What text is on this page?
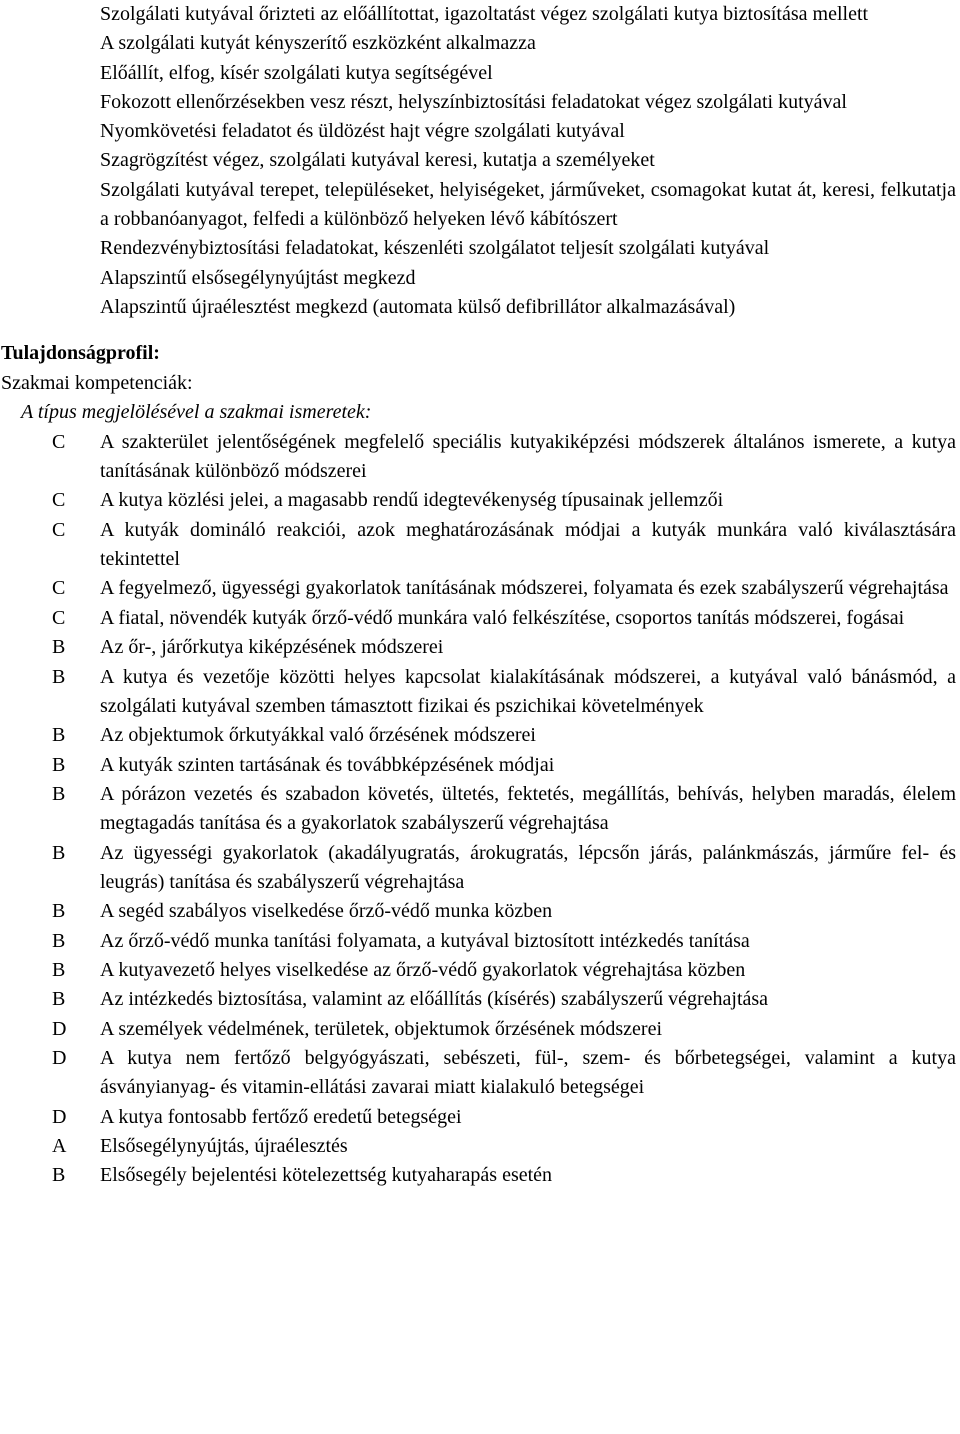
Szolgálati kutyával őrizteti az előállítottat, igazoltatást végez szolgálati kutya biztosítása mellett

A szolgálati kutyát kényszerítő eszközként alkalmazza

Előállít, elfog, kísér szolgálati kutya segítségével

Fokozott ellenőrzésekben vesz részt, helyszínbiztosítási feladatokat végez szolgálati kutyával

Nyomkövetési feladatot és üldözést hajt végre szolgálati kutyával

Szagrögzítést végez, szolgálati kutyával keresi, kutatja a személyeket

Szolgálati kutyával terepet, településeket, helyiségeket, járműveket, csomagokat kutat át, keresi, felkutatja a robbanóanyagot, felfedi a különböző helyeken lévő kábítószert

Rendezvénybiztosítási feladatokat, készenléti szolgálatot teljesít szolgálati kutyával

Alapszintű elsősegélynyújtást megkezd

Alapszintű újraélesztést megkezd (automata külső defibrillátor alkalmazásával)

Tulajdonságprofil:

Szakmai kompetenciák:

A típus megjelölésével a szakmai ismeretek:

C	A szakterület jelentőségének megfelelő speciális kutyakiképzési módszerek általános ismerete, a kutya tanításának különböző módszerei
C	A kutya közlési jelei, a magasabb rendű idegtevékenység típusainak jellemzői
C	A kutyák domináló reakciói, azok meghatározásának módjai a kutyák munkára való kiválasztására tekintettel
C	A fegyelmező, ügyességi gyakorlatok tanításának módszerei, folyamata és ezek szabályszerű végrehajtása
C	A fiatal, növendék kutyák őrző-védő munkára való felkészítése, csoportos tanítás módszerei, fogásai
B	Az őr-, járőrkutya kiképzésének módszerei
B	A kutya és vezetője közötti helyes kapcsolat kialakításának módszerei, a kutyával való bánásmód, a szolgálati kutyával szemben támasztott fizikai és pszichikai követelmények
B	Az objektumok őrkutyákkal való őrzésének módszerei
B	A kutyák szinten tartásának és továbbképzésének módjai
B	A pórázon vezetés és szabadon követés, ültetés, fektetés, megállítás, behívás, helyben maradás, élelem megtagadás tanítása és a gyakorlatok szabályszerű végrehajtása
B	Az ügyességi gyakorlatok (akadályugratás, árokugratás, lépcsőn járás, palánkmászás, járműre fel- és leugrás) tanítása és szabályszerű végrehajtása
B	A segéd szabályos viselkedése őrző-védő munka közben
B	Az őrző-védő munka tanítási folyamata, a kutyával biztosított intézkedés tanítása
B	A kutyavezető helyes viselkedése az őrző-védő gyakorlatok végrehajtása közben
B	Az intézkedés biztosítása, valamint az előállítás (kísérés) szabályszerű végrehajtása
D	A személyek védelmének, területek, objektumok őrzésének módszerei
D	A kutya nem fertőző belgyógyászati, sebészeti, fül-, szem- és bőrbetegségei, valamint a kutya ásványianyag- és vitamin-ellátási zavarai miatt kialakuló betegségei
D	A kutya fontosabb fertőző eredetű betegségei
A	Elsősegélynyújtás, újraélesztés
B	Elsősegély bejelentési kötelezettség kutyaharapás esetén
